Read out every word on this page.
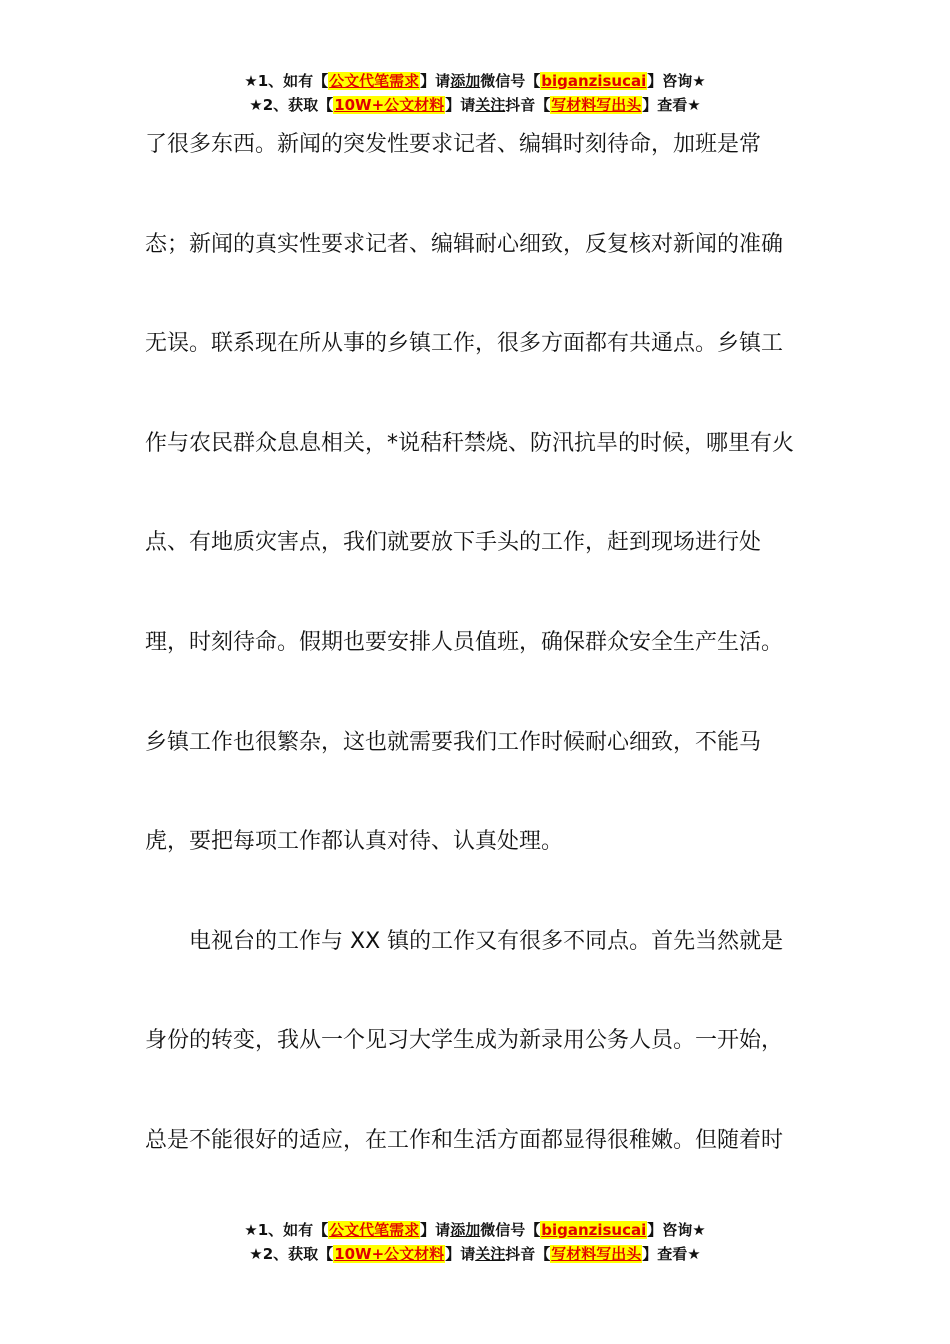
★1、如有【公文代笔需求】请添加微信号【biganzisucai】咨询★
★2、获取【10W+公文材料】请关注抖音【写材料写出头】查看★
了很多东西。新闻的突发性要求记者、编辑时刻待命，加班是常
态；新闻的真实性要求记者、编辑耐心细致，反复核对新闻的准确
无误。联系现在所从事的乡镇工作，很多方面都有共通点。乡镇工
作与农民群众息息相关，*说秸秆禁烧、防汛抗旱的时候，哪里有火
点、有地质灾害点，我们就要放下手头的工作，赶到现场进行处
理，时刻待命。假期也要安排人员值班，确保群众安全生产生活。
乡镇工作也很繁杂，这也就需要我们工作时候耐心细致，不能马
虎，要把每项工作都认真对待、认真处理。
电视台的工作与 XX 镇的工作又有很多不同点。首先当然就是
身份的转变，我从一个见习大学生成为新录用公务人员。一开始，
总是不能很好的适应，在工作和生活方面都显得很稚嫩。但随着时
★1、如有【公文代笔需求】请添加微信号【biganzisucai】咨询★
★2、获取【10W+公文材料】请关注抖音【写材料写出头】查看★
